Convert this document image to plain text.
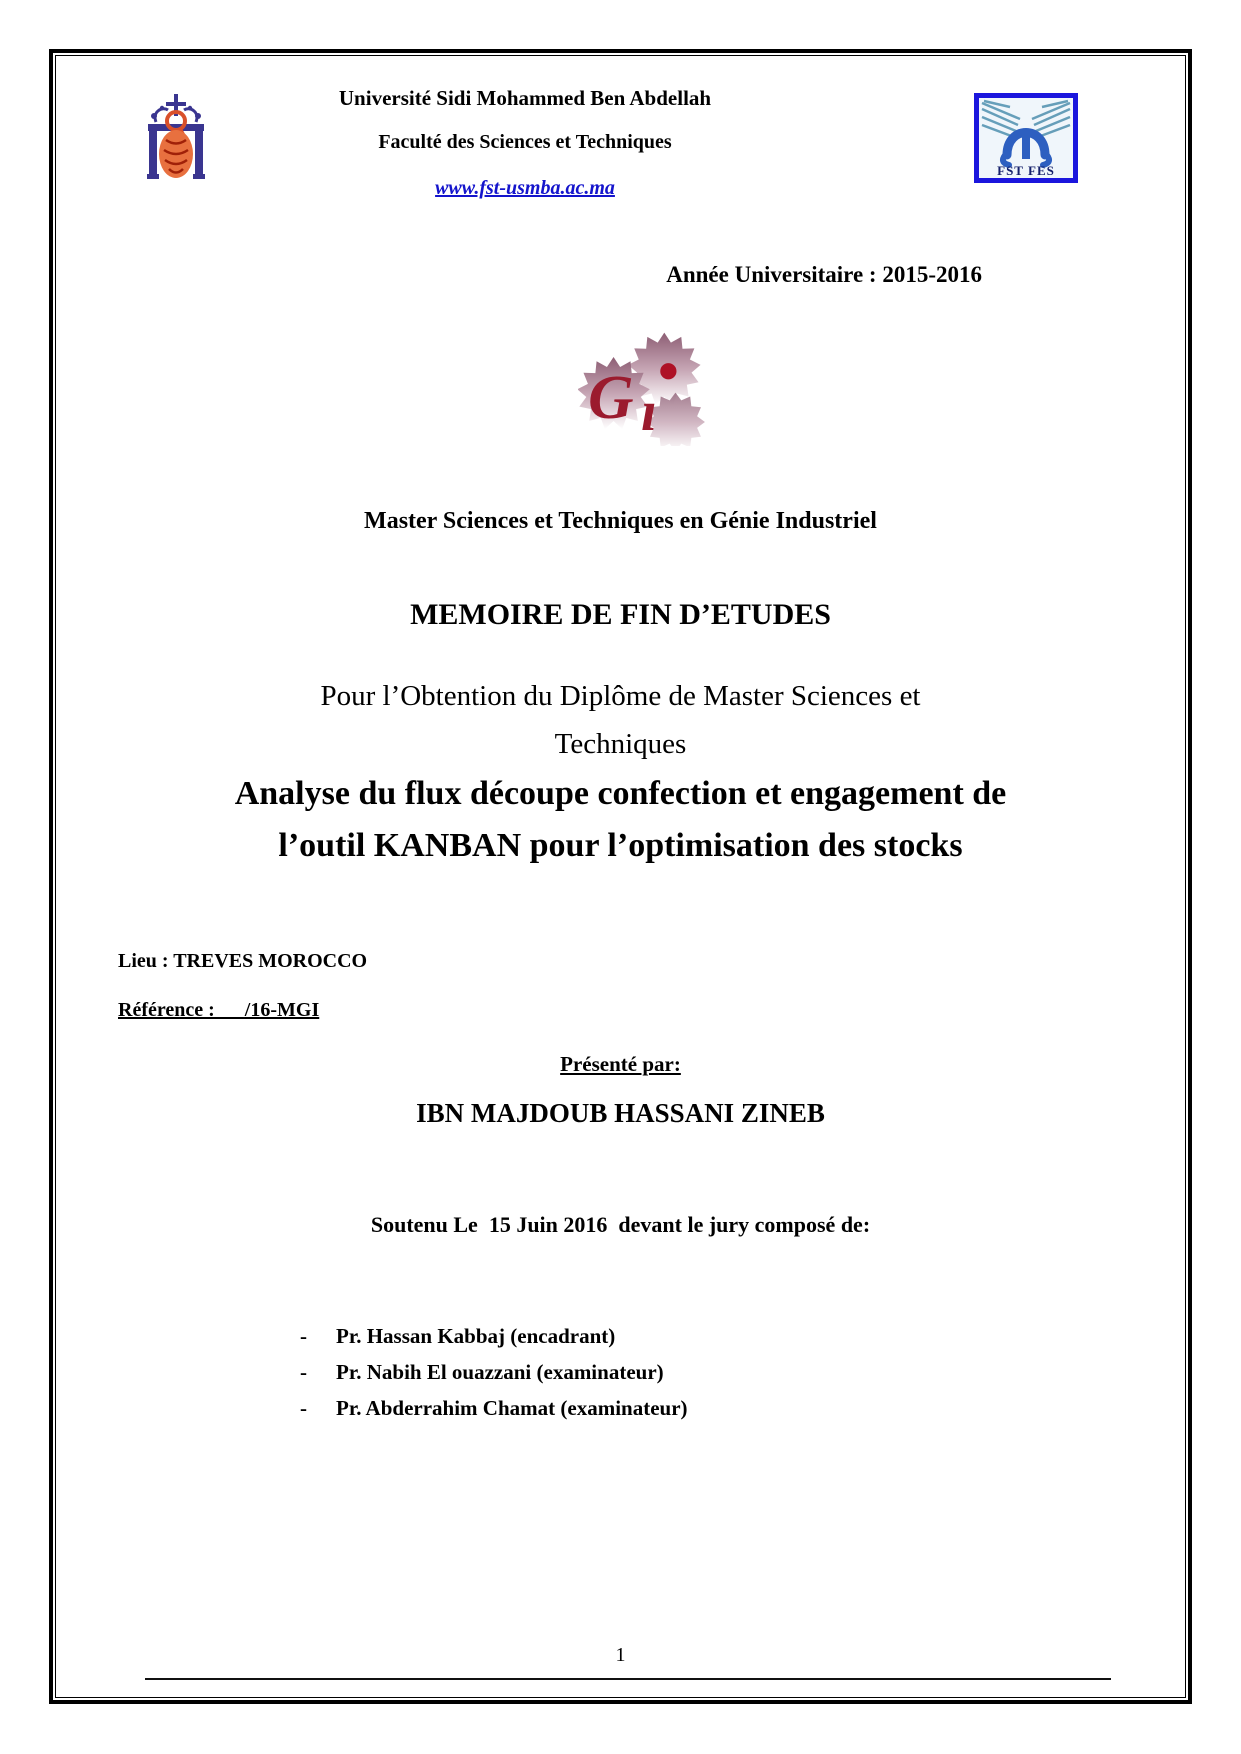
Université Sidi Mohammed Ben Abdellah
Faculté des Sciences et Techniques
www.fst-usmba.ac.ma
FST FES
Année Universitaire : 2015-2016
G ı
Master Sciences et Techniques en Génie Industriel
MEMOIRE DE FIN D’ETUDES
Pour l’Obtention du Diplôme de Master Sciences et
Techniques
Analyse du flux découpe confection et engagement de
l’outil KANBAN pour l’optimisation des stocks
Lieu : TREVES MOROCCO
Référence :      /16-MGI
Présenté par:
IBN MAJDOUB HASSANI ZINEB
Soutenu Le  15 Juin 2016  devant le jury composé de:
-	Pr. Hassan Kabbaj (encadrant)
-	Pr. Nabih El ouazzani (examinateur)
-	Pr. Abderrahim Chamat (examinateur)
1
